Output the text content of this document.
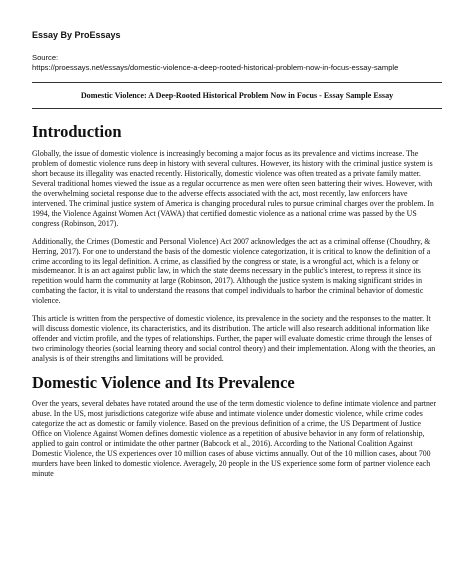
Essay By ProEssays
Source:
https://proessays.net/essays/domestic-violence-a-deep-rooted-historical-problem-now-in-focus-essay-sample
Domestic Violence: A Deep-Rooted Historical Problem Now in Focus - Essay Sample Essay
Introduction

Globally, the issue of domestic violence is increasingly becoming a major focus as its prevalence and victims increase. The problem of domestic violence runs deep in history with several cultures. However, its history with the criminal justice system is short because its illegality was enacted recently. Historically, domestic violence was often treated as a private family matter. Several traditional homes viewed the issue as a regular occurrence as men were often seen battering their wives. However, with the overwhelming societal response due to the adverse effects associated with the act, most recently, law enforcers have intervened. The criminal justice system of America is changing procedural rules to pursue criminal charges over the problem. In 1994, the Violence Against Women Act (VAWA) that certified domestic violence as a national crime was passed by the US congress (Robinson, 2017).

Additionally, the Crimes (Domestic and Personal Violence) Act 2007 acknowledges the act as a criminal offense (Choudhry, & Herring, 2017). For one to understand the basis of the domestic violence categorization, it is critical to know the definition of a crime according to its legal definition. A crime, as classified by the congress or state, is a wrongful act, which is a felony or misdemeanor. It is an act against public law, in which the state deems necessary in the public's interest, to repress it since its repetition would harm the community at large (Robinson, 2017). Although the justice system is making significant strides in combating the factor, it is vital to understand the reasons that compel individuals to harbor the criminal behavior of domestic violence.

This article is written from the perspective of domestic violence, its prevalence in the society and the responses to the matter. It will discuss domestic violence, its characteristics, and its distribution. The article will also research additional information like offender and victim profile, and the types of relationships. Further, the paper will evaluate domestic crime through the lenses of two criminology theories (social learning theory and social control theory) and their implementation. Along with the theories, an analysis is of their strengths and limitations will be provided.

Domestic Violence and Its Prevalence

Over the years, several debates have rotated around the use of the term domestic violence to define intimate violence and partner abuse. In the US, most jurisdictions categorize wife abuse and intimate violence under domestic violence, while crime codes categorize the act as domestic or family violence. Based on the previous definition of a crime, the US Department of Justice Office on Violence Against Women defines domestic violence as a repetition of abusive behavior in any form of relationship, applied to gain control or intimidate the other partner (Babcock et al., 2016). According to the National Coalition Against Domestic Violence, the US experiences over 10 million cases of abuse victims annually. Out of the 10 million cases, about 700 murders have been linked to domestic violence. Averagely, 20 people in the US experience some form of partner violence each minute
